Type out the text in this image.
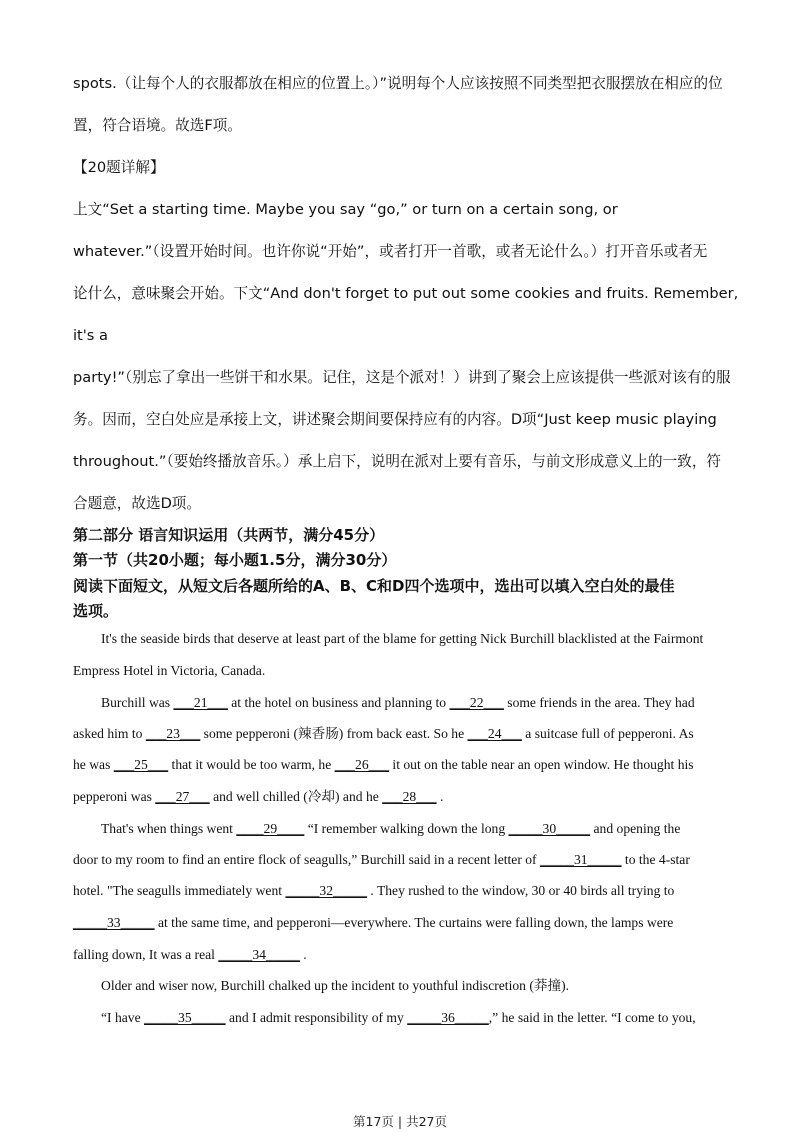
spots.（让每个人的衣服都放在相应的位置上。）”说明每个人应该按照不同类型把衣服摆放在相应的位
置，符合语境。故选F项。
【20题详解】
上文“Set a starting time. Maybe you say “go,” or turn on a certain song, or
whatever.”（设置开始时间。也许你说“开始”，或者打开一首歌，或者无论什么。）打开音乐或者无
论什么，意味聚会开始。下文“And don't forget to put out some cookies and fruits. Remember,
it's a
party!”（别忘了拿出一些饼干和水果。记住，这是个派对！）讲到了聚会上应该提供一些派对该有的服
务。因而，空白处应是承接上文，讲述聚会期间要保持应有的内容。D项“Just keep music playing
throughout.”（要始终播放音乐。）承上启下，说明在派对上要有音乐，与前文形成意义上的一致，符
合题意，故选D项。
第二部分 语言知识运用（共两节，满分45分）
第一节（共20小题；每小题1.5分，满分30分）
阅读下面短文，从短文后各题所给的A、B、C和D四个选项中，选出可以填入空白处的最佳
选项。
It's the seaside birds that deserve at least part of the blame for getting Nick Burchill blacklisted at the Fairmont
Empress Hotel in Victoria, Canada.
Burchill was ___21___ at the hotel on business and planning to ___22___ some friends in the area. They had
asked him to ___23___ some pepperoni (辣香肠) from back east. So he ___24___ a suitcase full of pepperoni. As
he was ___25___ that it would be too warm, he ___26___ it out on the table near an open window. He thought his
pepperoni was ___27___ and well chilled (冷却) and he ___28___ .
That's when things went ____29____ “I remember walking down the long _____30_____ and opening the
door to my room to find an entire flock of seagulls,” Burchill said in a recent letter of _____31_____ to the 4-star
hotel. "The seagulls immediately went _____32_____ . They rushed to the window, 30 or 40 birds all trying to
_____33_____ at the same time, and pepperoni—everywhere. The curtains were falling down, the lamps were
falling down, It was a real _____34_____ .
Older and wiser now, Burchill chalked up the incident to youthful indiscretion (莽撞).
“I have _____35_____ and I admit responsibility of my _____36_____,” he said in the letter. “I come to you,
第17页 | 共27页
